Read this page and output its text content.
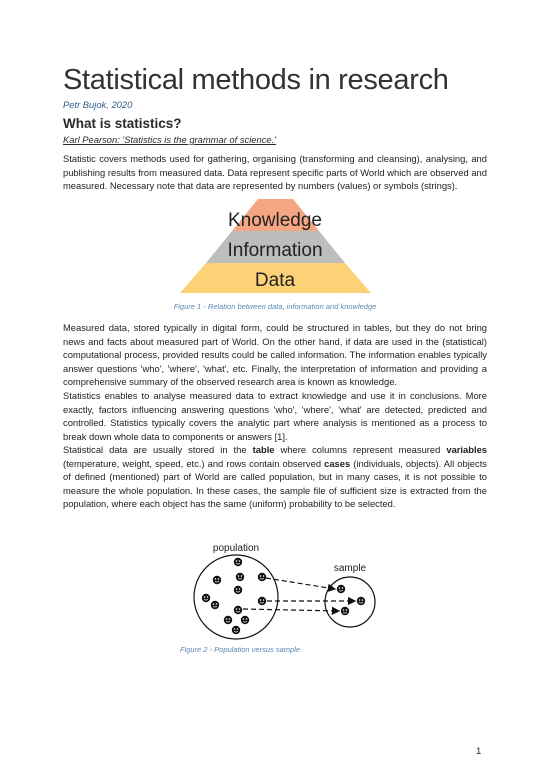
Statistical methods in research
Petr Bujok, 2020
What is statistics?
Karl Pearson: 'Statistics is the grammar of science.'

Statistic covers methods used for gathering, organising (transforming and cleansing), analysing, and publishing results from measured data. Data represent specific parts of World which are observed and measured. Necessary note that data are represented by numbers (values) or symbols (strings).

Knowledge
Information
Data
Figure 1 - Relation between data, information and knowledge

Measured data, stored typically in digital form, could be structured in tables, but they do not bring news and facts about measured part of World. On the other hand, if data are used in the (statistical) computational process, provided results could be called information. The information enables typically answer questions 'who', 'where', 'what', etc. Finally, the interpretation of information and providing a comprehensive summary of the observed research area is known as knowledge.

Statistics enables to analyse measured data to extract knowledge and use it in conclusions. More exactly, factors influencing answering questions 'who', 'where', 'what' are detected, predicted and controlled. Statistics typically covers the analytic part where analysis is mentioned as a process to break down whole data to components or answers [1].

Statistical data are usually stored in the table where columns represent measured variables (temperature, weight, speed, etc.) and rows contain observed cases (individuals, objects). All objects of defined (mentioned) part of World are called population, but in many cases, it is not possible to measure the whole population. In these cases, the sample file of sufficient size is extracted from the population, where each object has the same (uniform) probability to be selected.

population
sample
Figure 2 - Population versus sample
1
